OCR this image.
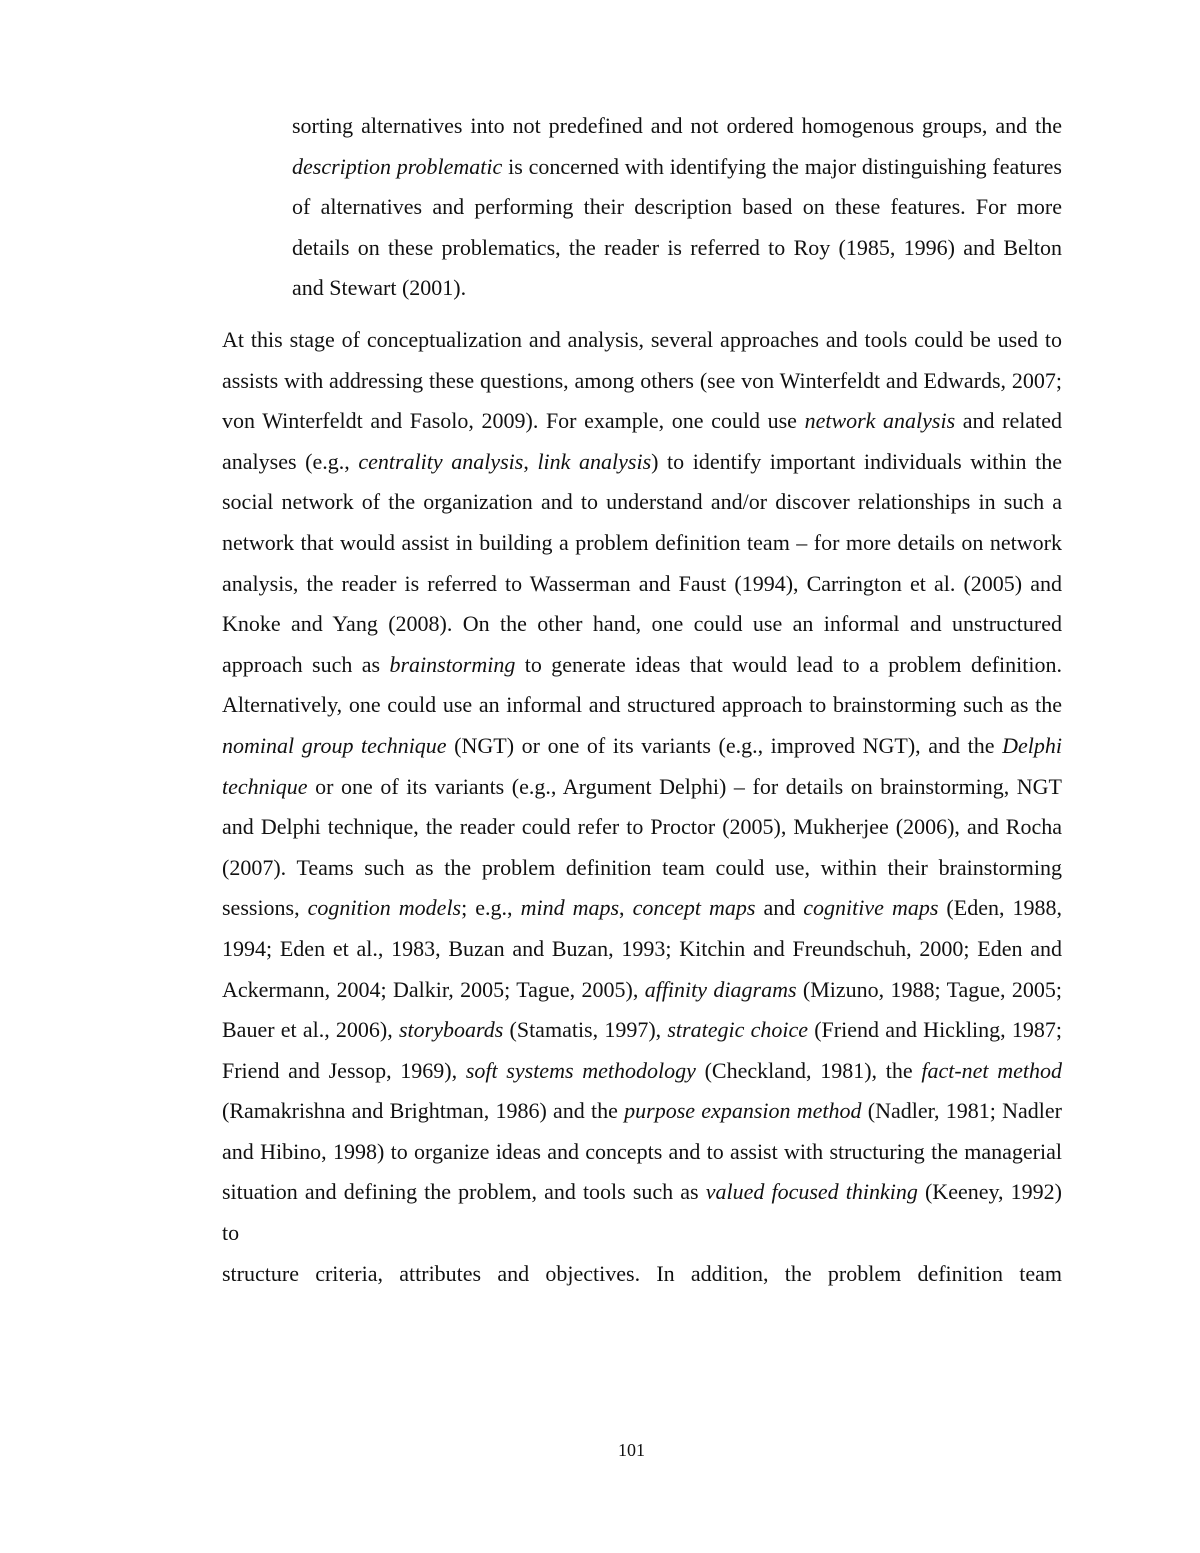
sorting alternatives into not predefined and not ordered homogenous groups, and the description problematic is concerned with identifying the major distinguishing features of alternatives and performing their description based on these features. For more details on these problematics, the reader is referred to Roy (1985, 1996) and Belton and Stewart (2001).

At this stage of conceptualization and analysis, several approaches and tools could be used to assists with addressing these questions, among others (see von Winterfeldt and Edwards, 2007; von Winterfeldt and Fasolo, 2009). For example, one could use network analysis and related analyses (e.g., centrality analysis, link analysis) to identify important individuals within the social network of the organization and to understand and/or discover relationships in such a network that would assist in building a problem definition team – for more details on network analysis, the reader is referred to Wasserman and Faust (1994), Carrington et al. (2005) and Knoke and Yang (2008). On the other hand, one could use an informal and unstructured approach such as brainstorming to generate ideas that would lead to a problem definition. Alternatively, one could use an informal and structured approach to brainstorming such as the nominal group technique (NGT) or one of its variants (e.g., improved NGT), and the Delphi technique or one of its variants (e.g., Argument Delphi) – for details on brainstorming, NGT and Delphi technique, the reader could refer to Proctor (2005), Mukherjee (2006), and Rocha (2007). Teams such as the problem definition team could use, within their brainstorming sessions, cognition models; e.g., mind maps, concept maps and cognitive maps (Eden, 1988, 1994; Eden et al., 1983, Buzan and Buzan, 1993; Kitchin and Freundschuh, 2000; Eden and Ackermann, 2004; Dalkir, 2005; Tague, 2005), affinity diagrams (Mizuno, 1988; Tague, 2005; Bauer et al., 2006), storyboards (Stamatis, 1997), strategic choice (Friend and Hickling, 1987; Friend and Jessop, 1969), soft systems methodology (Checkland, 1981), the fact-net method (Ramakrishna and Brightman, 1986) and the purpose expansion method (Nadler, 1981; Nadler and Hibino, 1998) to organize ideas and concepts and to assist with structuring the managerial situation and defining the problem, and tools such as valued focused thinking (Keeney, 1992) to
structure criteria, attributes and objectives. In addition, the problem definition team

101
